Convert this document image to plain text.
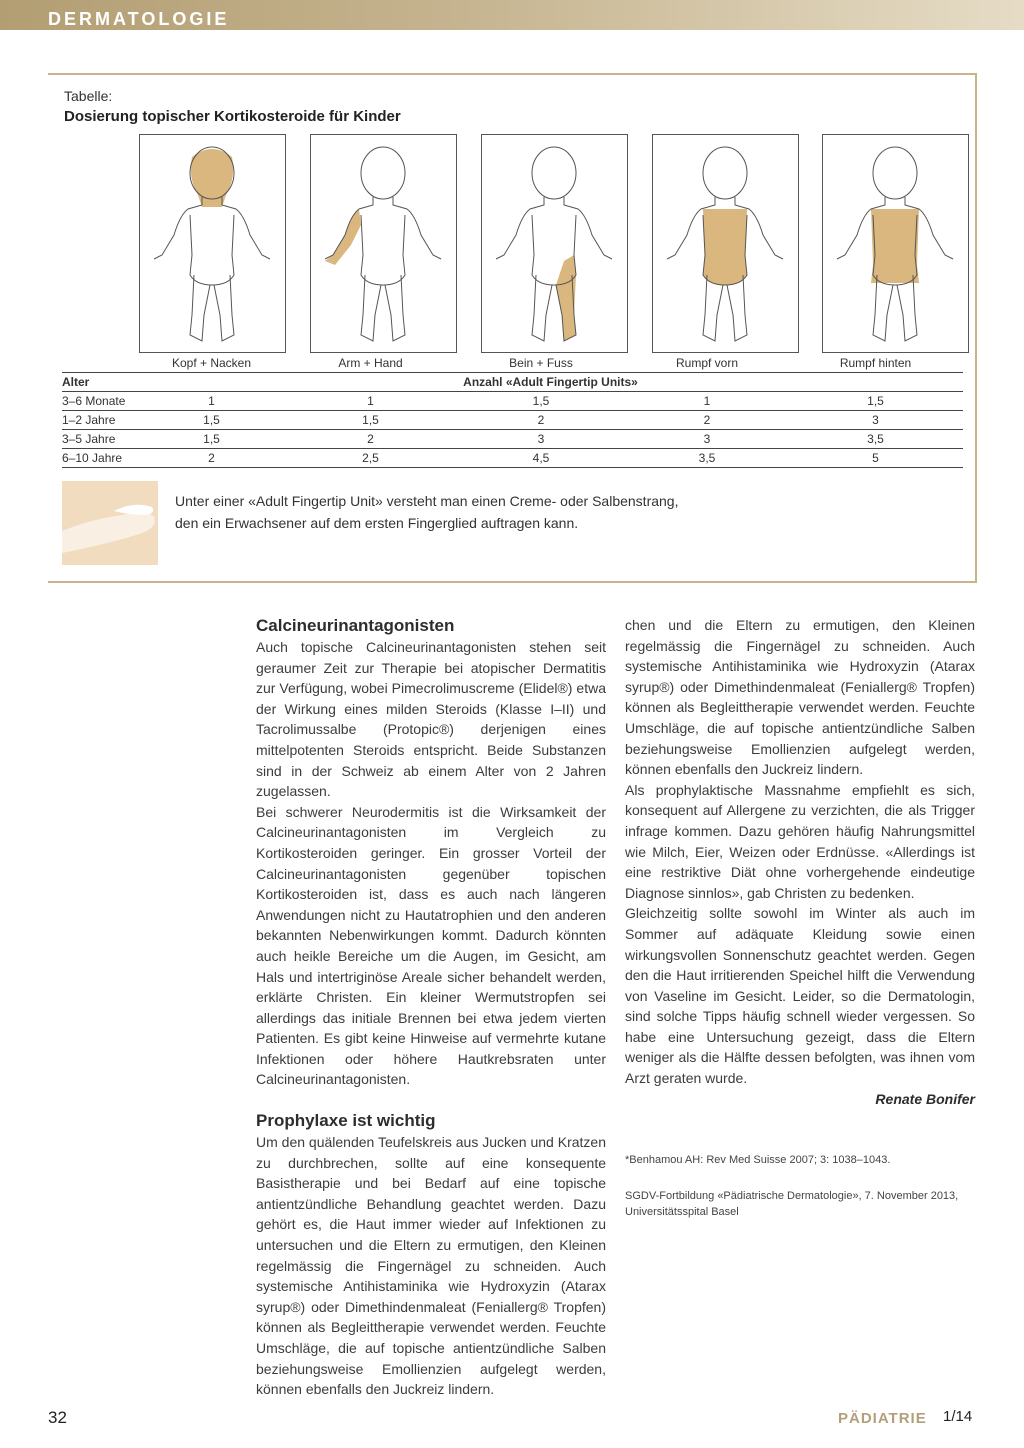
DERMATOLOGIE
Tabelle:
Dosierung topischer Kortikosteroide für Kinder
	Kopf + Nacken	Arm + Hand	Bein + Fuss	Rumpf vorn	Rumpf hinten
Alter	Anzahl «Adult Fingertip Units»				
3–6 Monate	1	1	1,5	1	1,5
1–2 Jahre	1,5	1,5	2	2	3
3–5 Jahre	1,5	2	3	3	3,5
6–10 Jahre	2	2,5	4,5	3,5	5
Unter einer «Adult Fingertip Unit» versteht man einen Creme- oder Salbenstrang,
den ein Erwachsener auf dem ersten Fingerglied auftragen kann.
Calcineurinantagonisten

Auch topische Calcineurinantagonisten stehen seit geraumer Zeit zur Therapie bei atopischer Dermatitis zur Verfügung, wobei Pimecrolimuscreme (Elidel®) etwa der Wirkung eines milden Steroids (Klasse I–II) und Tacrolimussalbe (Protopic®) derjenigen eines mittelpotenten Steroids entspricht. Beide Substanzen sind in der Schweiz ab einem Alter von 2 Jahren zugelassen.

Bei schwerer Neurodermitis ist die Wirksamkeit der Calcineurinantagonisten im Vergleich zu Kortikosteroiden geringer. Ein grosser Vorteil der Calcineurinantagonisten gegenüber topischen Kortikosteroiden ist, dass es auch nach längeren Anwendungen nicht zu Hautatrophien und den anderen bekannten Nebenwirkungen kommt. Dadurch könnten auch heikle Bereiche um die Augen, im Gesicht, am Hals und intertriginöse Areale sicher behandelt werden, erklärte Christen. Ein kleiner Wermutstropfen sei allerdings das initiale Brennen bei etwa jedem vierten Patienten. Es gibt keine Hinweise auf vermehrte kutane Infektionen oder höhere Hautkrebsraten unter Calcineurinantagonisten.

Prophylaxe ist wichtig

Um den quälenden Teufelskreis aus Jucken und Kratzen zu durchbrechen, sollte auf eine konsequente Basistherapie und bei Bedarf auf eine topische antientzündliche Behandlung geachtet werden. Dazu gehört es, die Haut immer wieder auf Infektionen zu untersuchen und die Eltern zu ermutigen, den Kleinen regelmässig die Fingernägel zu schneiden. Auch systemische Antihistaminika wie Hydroxyzin (Atarax syrup®) oder Dimethindenmaleat (Feniallerg® Tropfen) können als Begleittherapie verwendet werden. Feuchte Umschläge, die auf topische antientzündliche Salben beziehungsweise Emollienzien aufgelegt werden, können ebenfalls den Juckreiz lindern.

chen und die Eltern zu ermutigen, den Kleinen regelmässig die Fingernägel zu schneiden. Auch systemische Antihistaminika wie Hydroxyzin (Atarax syrup®) oder Dimethindenmaleat (Feniallerg® Tropfen) können als Begleittherapie verwendet werden. Feuchte Umschläge, die auf topische antientzündliche Salben beziehungsweise Emollienzien aufgelegt werden, können ebenfalls den Juckreiz lindern.

Als prophylaktische Massnahme empfiehlt es sich, konsequent auf Allergene zu verzichten, die als Trigger infrage kommen. Dazu gehören häufig Nahrungsmittel wie Milch, Eier, Weizen oder Erdnüsse. «Allerdings ist eine restriktive Diät ohne vorhergehende eindeutige Diagnose sinnlos», gab Christen zu bedenken.

Gleichzeitig sollte sowohl im Winter als auch im Sommer auf adäquate Kleidung sowie einen wirkungsvollen Sonnenschutz geachtet werden. Gegen den die Haut irritierenden Speichel hilft die Verwendung von Vaseline im Gesicht. Leider, so die Dermatologin, sind solche Tipps häufig schnell wieder vergessen. So habe eine Untersuchung gezeigt, dass die Eltern weniger als die Hälfte dessen befolgten, was ihnen vom Arzt geraten wurde.

Renate Bonifer

*Benhamou AH: Rev Med Suisse 2007; 3: 1038–1043.
SGDV-Fortbildung «Pädiatrische Dermatologie», 7. November 2013, Universitätsspital Basel
32	PÄDIATRIE 1/14
